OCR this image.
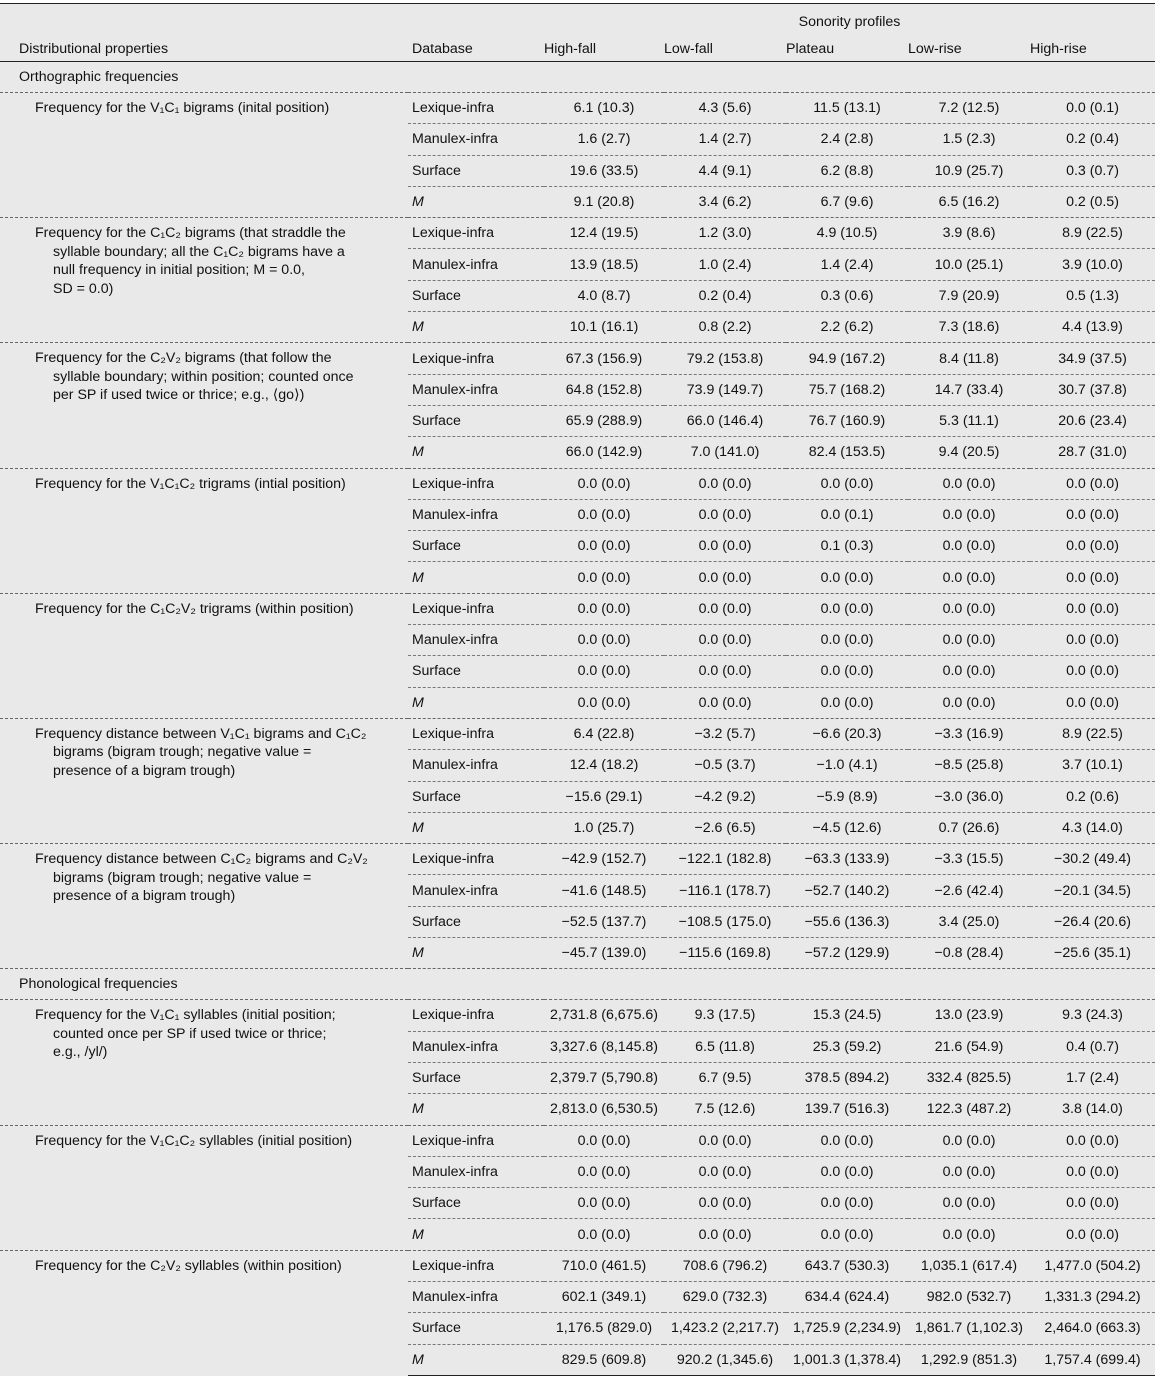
		Sonority profiles				
Distributional properties	Database	High-fall	Low-fall	Plateau	Low-rise	High-rise
Orthographic frequencies						

Frequency for the V₁C₁ bigrams (inital position)	Lexique-infra	6.1 (10.3)	4.3 (5.6)	11.5 (13.1)	7.2 (12.5)	0.0 (0.1)
	Manulex-infra	1.6 (2.7)	1.4 (2.7)	2.4 (2.8)	1.5 (2.3)	0.2 (0.4)
	Surface	19.6 (33.5)	4.4 (9.1)	6.2 (8.8)	10.9 (25.7)	0.3 (0.7)
	M	9.1 (20.8)	3.4 (6.2)	6.7 (9.6)	6.5 (16.2)	0.2 (0.5)

Frequency for the C₁C₂ bigrams (that straddle the
syllable boundary; all the C₁C₂ bigrams have a
null frequency in initial position; M = 0.0,
SD = 0.0)	Lexique-infra	12.4 (19.5)	1.2 (3.0)	4.9 (10.5)	3.9 (8.6)	8.9 (22.5)
	Manulex-infra	13.9 (18.5)	1.0 (2.4)	1.4 (2.4)	10.0 (25.1)	3.9 (10.0)
	Surface	4.0 (8.7)	0.2 (0.4)	0.3 (0.6)	7.9 (20.9)	0.5 (1.3)
	M	10.1 (16.1)	0.8 (2.2)	2.2 (6.2)	7.3 (18.6)	4.4 (13.9)

Frequency for the C₂V₂ bigrams (that follow the
syllable boundary; within position; counted once
per SP if used twice or thrice; e.g., ⟨go⟩)	Lexique-infra	67.3 (156.9)	79.2 (153.8)	94.9 (167.2)	8.4 (11.8)	34.9 (37.5)
	Manulex-infra	64.8 (152.8)	73.9 (149.7)	75.7 (168.2)	14.7 (33.4)	30.7 (37.8)
	Surface	65.9 (288.9)	66.0 (146.4)	76.7 (160.9)	5.3 (11.1)	20.6 (23.4)
	M	66.0 (142.9)	7.0 (141.0)	82.4 (153.5)	9.4 (20.5)	28.7 (31.0)

Frequency for the V₁C₁C₂ trigrams (intial position)	Lexique-infra	0.0 (0.0)	0.0 (0.0)	0.0 (0.0)	0.0 (0.0)	0.0 (0.0)
	Manulex-infra	0.0 (0.0)	0.0 (0.0)	0.0 (0.1)	0.0 (0.0)	0.0 (0.0)
	Surface	0.0 (0.0)	0.0 (0.0)	0.1 (0.3)	0.0 (0.0)	0.0 (0.0)
	M	0.0 (0.0)	0.0 (0.0)	0.0 (0.0)	0.0 (0.0)	0.0 (0.0)

Frequency for the C₁C₂V₂ trigrams (within position)	Lexique-infra	0.0 (0.0)	0.0 (0.0)	0.0 (0.0)	0.0 (0.0)	0.0 (0.0)
	Manulex-infra	0.0 (0.0)	0.0 (0.0)	0.0 (0.0)	0.0 (0.0)	0.0 (0.0)
	Surface	0.0 (0.0)	0.0 (0.0)	0.0 (0.0)	0.0 (0.0)	0.0 (0.0)
	M	0.0 (0.0)	0.0 (0.0)	0.0 (0.0)	0.0 (0.0)	0.0 (0.0)

Frequency distance between V₁C₁ bigrams and C₁C₂
bigrams (bigram trough; negative value =
presence of a bigram trough)	Lexique-infra	6.4 (22.8)	−3.2 (5.7)	−6.6 (20.3)	−3.3 (16.9)	8.9 (22.5)
	Manulex-infra	12.4 (18.2)	−0.5 (3.7)	−1.0 (4.1)	−8.5 (25.8)	3.7 (10.1)
	Surface	−15.6 (29.1)	−4.2 (9.2)	−5.9 (8.9)	−3.0 (36.0)	0.2 (0.6)
	M	1.0 (25.7)	−2.6 (6.5)	−4.5 (12.6)	0.7 (26.6)	4.3 (14.0)

Frequency distance between C₁C₂ bigrams and C₂V₂
bigrams (bigram trough; negative value =
presence of a bigram trough)	Lexique-infra	−42.9 (152.7)	−122.1 (182.8)	−63.3 (133.9)	−3.3 (15.5)	−30.2 (49.4)
	Manulex-infra	−41.6 (148.5)	−116.1 (178.7)	−52.7 (140.2)	−2.6 (42.4)	−20.1 (34.5)
	Surface	−52.5 (137.7)	−108.5 (175.0)	−55.6 (136.3)	3.4 (25.0)	−26.4 (20.6)
	M	−45.7 (139.0)	−115.6 (169.8)	−57.2 (129.9)	−0.8 (28.4)	−25.6 (35.1)
Phonological frequencies						

Frequency for the V₁C₁ syllables (initial position;
counted once per SP if used twice or thrice;
e.g., /yl/)	Lexique-infra	2,731.8 (6,675.6)	9.3 (17.5)	15.3 (24.5)	13.0 (23.9)	9.3 (24.3)
	Manulex-infra	3,327.6 (8,145.8)	6.5 (11.8)	25.3 (59.2)	21.6 (54.9)	0.4 (0.7)
	Surface	2,379.7 (5,790.8)	6.7 (9.5)	378.5 (894.2)	332.4 (825.5)	1.7 (2.4)
	M	2,813.0 (6,530.5)	7.5 (12.6)	139.7 (516.3)	122.3 (487.2)	3.8 (14.0)

Frequency for the V₁C₁C₂ syllables (initial position)	Lexique-infra	0.0 (0.0)	0.0 (0.0)	0.0 (0.0)	0.0 (0.0)	0.0 (0.0)
	Manulex-infra	0.0 (0.0)	0.0 (0.0)	0.0 (0.0)	0.0 (0.0)	0.0 (0.0)
	Surface	0.0 (0.0)	0.0 (0.0)	0.0 (0.0)	0.0 (0.0)	0.0 (0.0)
	M	0.0 (0.0)	0.0 (0.0)	0.0 (0.0)	0.0 (0.0)	0.0 (0.0)

Frequency for the C₂V₂ syllables (within position)	Lexique-infra	710.0 (461.5)	708.6 (796.2)	643.7 (530.3)	1,035.1 (617.4)	1,477.0 (504.2)
	Manulex-infra	602.1 (349.1)	629.0 (732.3)	634.4 (624.4)	982.0 (532.7)	1,331.3 (294.2)
	Surface	1,176.5 (829.0)	1,423.2 (2,217.7)	1,725.9 (2,234.9)	1,861.7 (1,102.3)	2,464.0 (663.3)
	M	829.5 (609.8)	920.2 (1,345.6)	1,001.3 (1,378.4)	1,292.9 (851.3)	1,757.4 (699.4)
